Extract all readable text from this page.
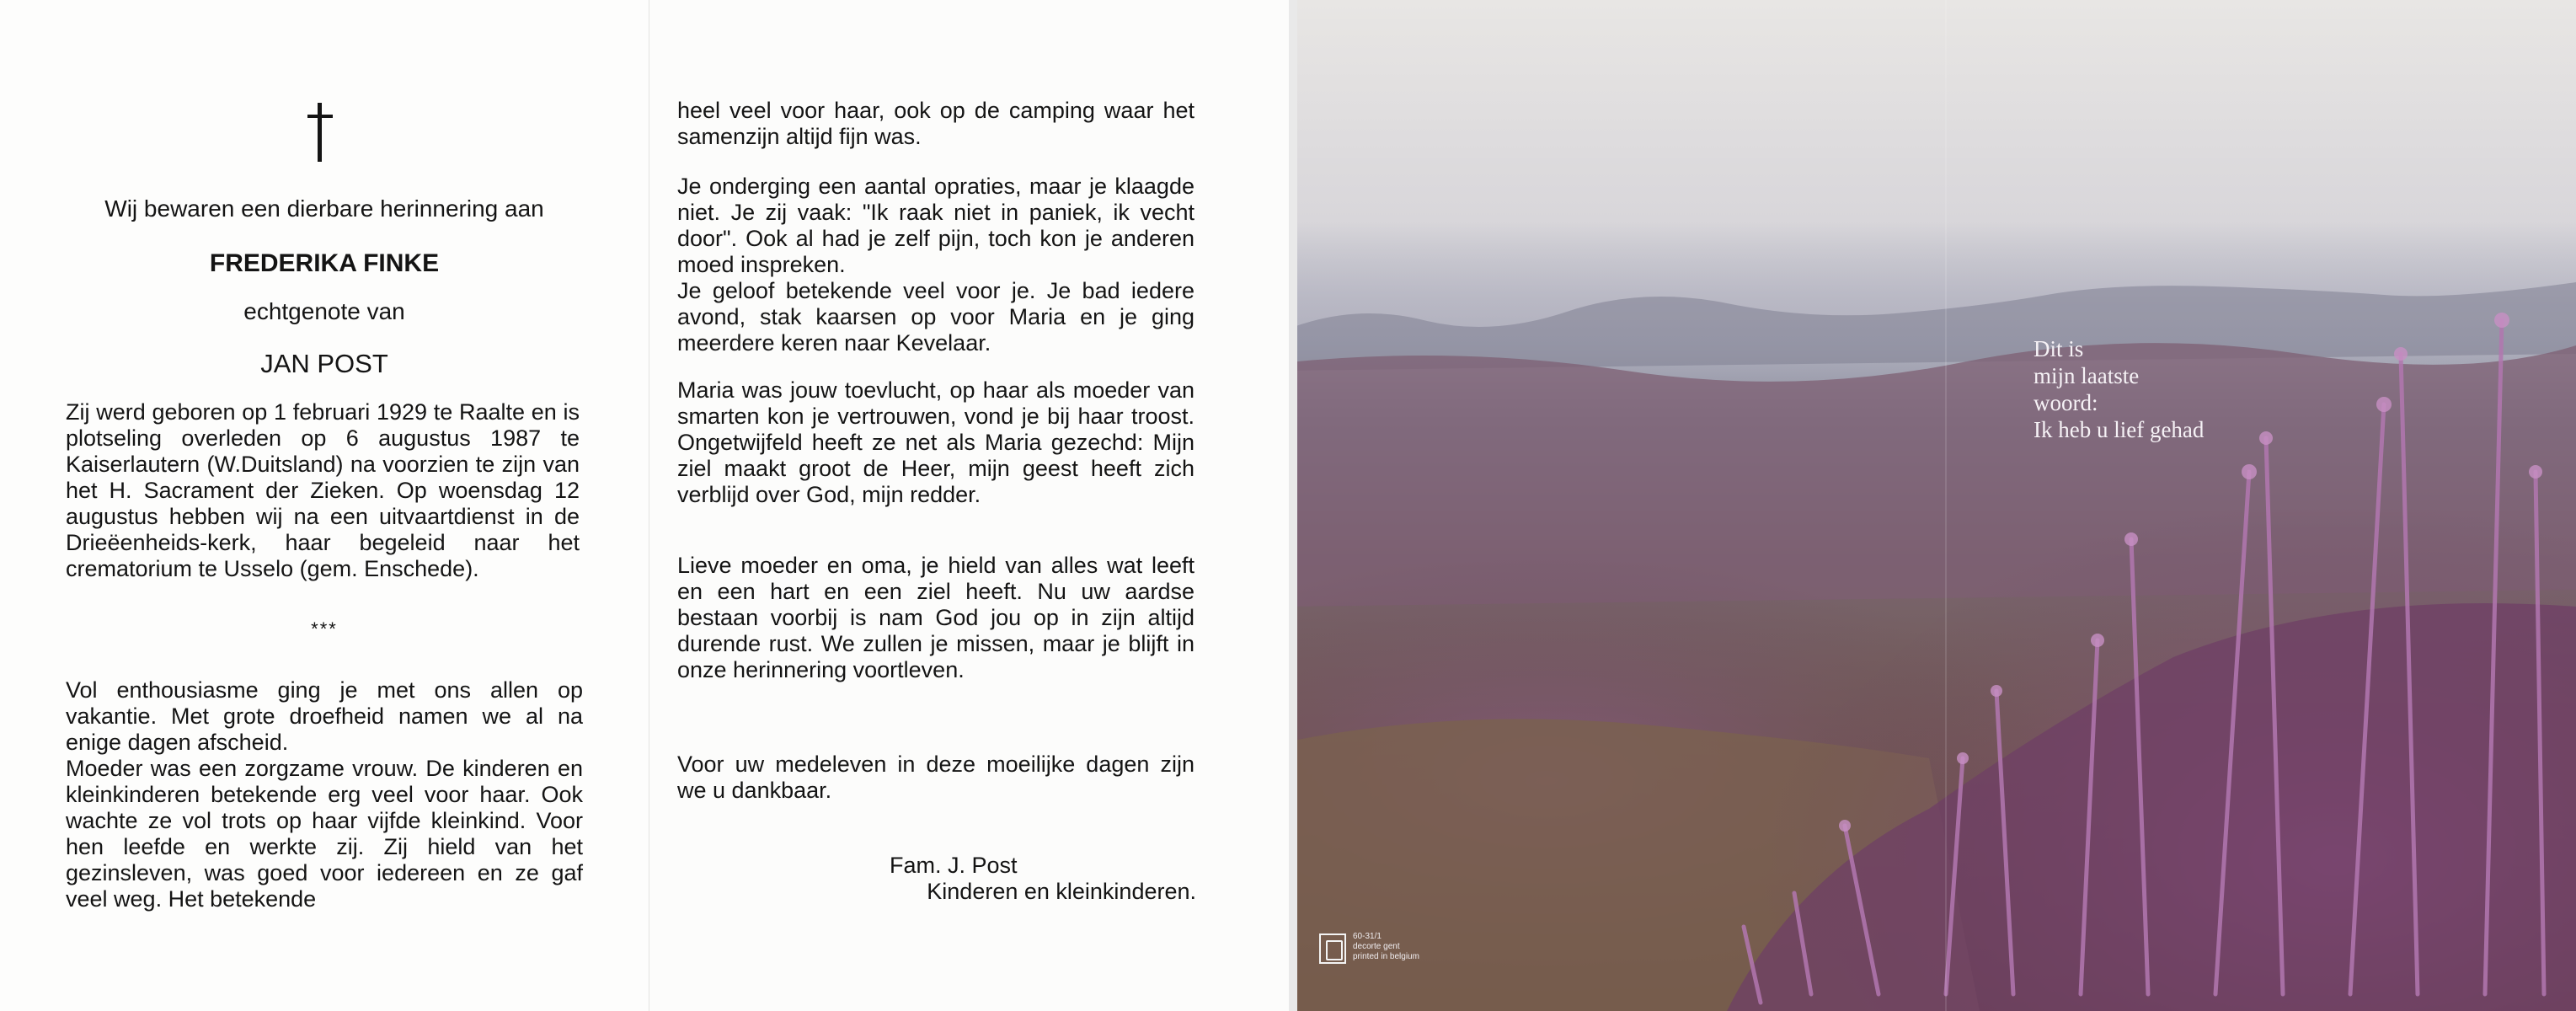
Wij bewaren een dierbare herinnering aan
FREDERIKA FINKE
echtgenote van
JAN POST

Zij werd geboren op 1 februari 1929 te Raalte en is plotseling overleden op 6 augustus 1987 te Kaiserlautern (W.Duitsland) na voorzien te zijn van het H. Sacrament der Zieken. Op woensdag 12 augustus hebben wij na een uitvaartdienst in de Drieëenheids-kerk, haar begeleid naar het crematorium te Usselo (gem. Enschede).

***

Vol enthousiasme ging je met ons allen op vakantie. Met grote droefheid namen we al na enige dagen afscheid.
Moeder was een zorgzame vrouw. De kinderen en kleinkinderen betekende erg veel voor haar. Ook wachte ze vol trots op haar vijfde kleinkind. Voor hen leefde en werkte zij. Zij hield van het gezinsleven, was goed voor iedereen en ze gaf veel weg. Het betekende

heel veel voor haar, ook op de camping waar het samenzijn altijd fijn was.

Je onderging een aantal opraties, maar je klaagde niet. Je zij vaak: "Ik raak niet in paniek, ik vecht door". Ook al had je zelf pijn, toch kon je anderen moed inspreken.
Je geloof betekende veel voor je. Je bad iedere avond, stak kaarsen op voor Maria en je ging meerdere keren naar Kevelaar.

Maria was jouw toevlucht, op haar als moeder van smarten kon je vertrouwen, vond je bij haar troost. Ongetwijfeld heeft ze net als Maria gezechd: Mijn ziel maakt groot de Heer, mijn geest heeft zich verblijd over God, mijn redder.

Lieve moeder en oma, je hield van alles wat leeft en een hart en een ziel heeft. Nu uw aardse bestaan voorbij is nam God jou op in zijn altijd durende rust. We zullen je missen, maar je blijft in onze herinnering voortleven.

Voor uw medeleven in deze moeilijke dagen zijn we u dankbaar.

Fam. J. Post
Kinderen en kleinkinderen.
Dit is
mijn laatste
woord:
Ik heb u lief gehad
60-31/1
decorte gent
printed in belgium
